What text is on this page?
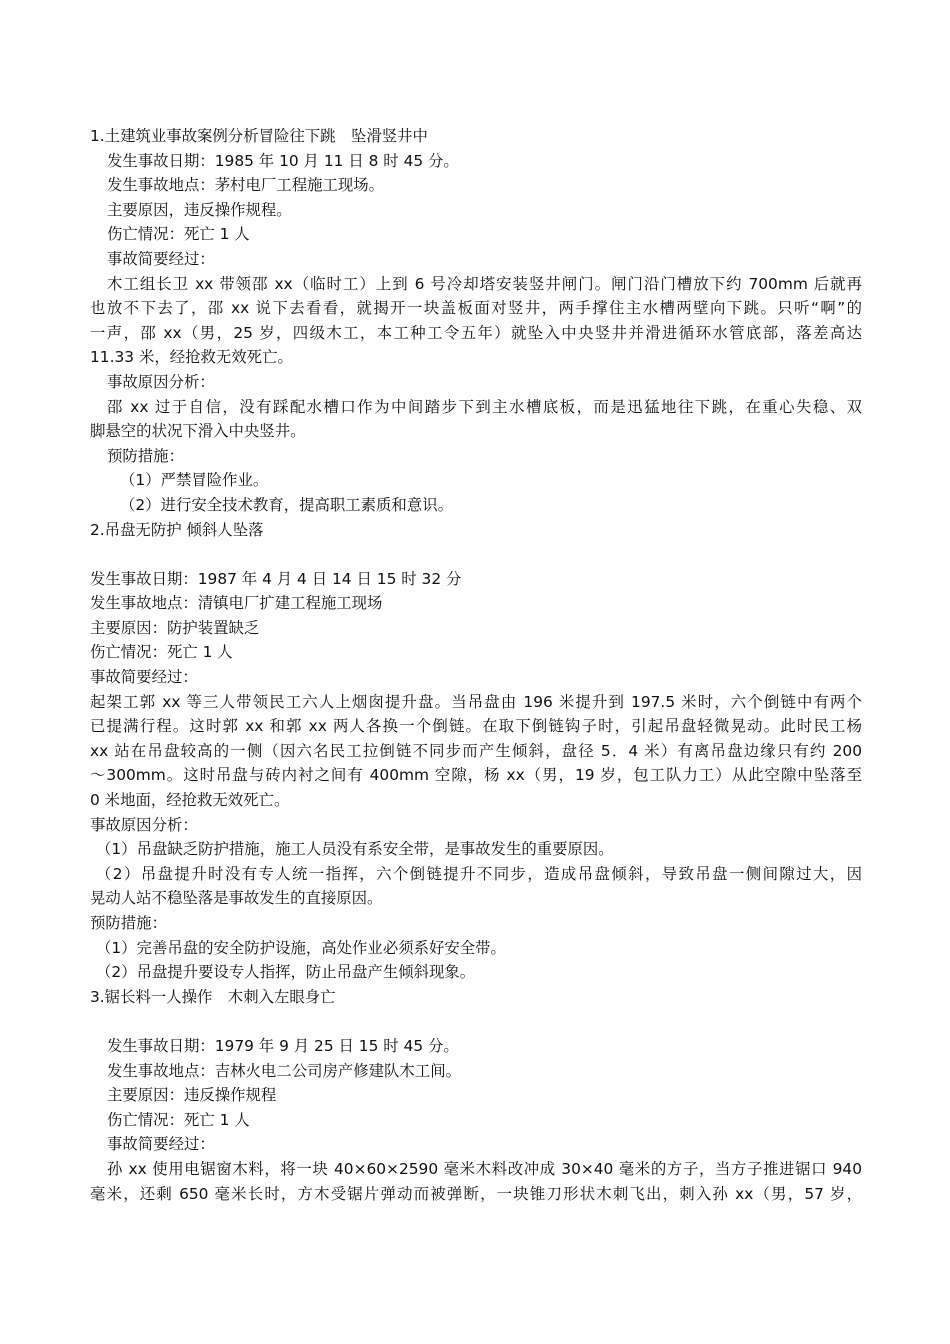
1.土建筑业事故案例分析冒险往下跳　坠滑竖井中
发生事故日期：1985 年 10 月 11 日 8 时 45 分。
发生事故地点：茅村电厂工程施工现场。
主要原因，违反操作规程。
伤亡情况：死亡 1 人
事故简要经过：
木工组长卫 xx 带领邵 xx（临时工）上到 6 号冷却塔安装竖井闸门。闸门沿门槽放下约 700mm 后就再
也放不下去了，邵 xx 说下去看看，就揭开一块盖板面对竖井，两手撑住主水槽两壁向下跳。只听“啊”的
一声，邵 xx（男，25 岁，四级木工，本工种工令五年）就坠入中央竖井并滑进循环水管底部，落差高达
11.33 米，经抢救无效死亡。
事故原因分析：
邵 xx 过于自信，没有踩配水槽口作为中间踏步下到主水槽底板，而是迅猛地往下跳，在重心失稳、双
脚悬空的状况下滑入中央竖井。
预防措施：
（1）严禁冒险作业。
（2）进行安全技术教育，提高职工素质和意识。
2.吊盘无防护 倾斜人坠落
发生事故日期：1987 年 4 月 4 日 14 日 15 时 32 分
发生事故地点：清镇电厂扩建工程施工现场
主要原因：防护装置缺乏
伤亡情况：死亡 1 人
事故简要经过：
起架工郭 xx 等三人带领民工六人上烟囱提升盘。当吊盘由 196 米提升到 197.5 米时，六个倒链中有两个
已提满行程。这时郭 xx 和郭 xx 两人各换一个倒链。在取下倒链钩子时，引起吊盘轻微晃动。此时民工杨
xx 站在吊盘较高的一侧（因六名民工拉倒链不同步而产生倾斜，盘径 5．4 米）有离吊盘边缘只有约 200
～300mm。这时吊盘与砖内衬之间有 400mm 空隙，杨 xx（男，19 岁，包工队力工）从此空隙中坠落至
0 米地面，经抢救无效死亡。
事故原因分析：
（1）吊盘缺乏防护措施，施工人员没有系安全带，是事故发生的重要原因。
（2）吊盘提升时没有专人统一指挥，六个倒链提升不同步，造成吊盘倾斜，导致吊盘一侧间隙过大，因
晃动人站不稳坠落是事故发生的直接原因。
预防措施：
（1）完善吊盘的安全防护设施，高处作业必须系好安全带。
（2）吊盘提升要设专人指挥，防止吊盘产生倾斜现象。
3.锯长料一人操作　木刺入左眼身亡
发生事故日期：1979 年 9 月 25 日 15 时 45 分。
发生事故地点：吉林火电二公司房产修建队木工间。
主要原因：违反操作规程
伤亡情况：死亡 1 人
事故简要经过：
孙 xx 使用电锯窗木料，将一块 40×60×2590 毫米木料改冲成 30×40 毫米的方子，当方子推进锯口 940
毫米，还剩 650 毫米长时，方木受锯片弹动而被弹断，一块锥刀形状木刺飞出，刺入孙 xx（男，57 岁，
